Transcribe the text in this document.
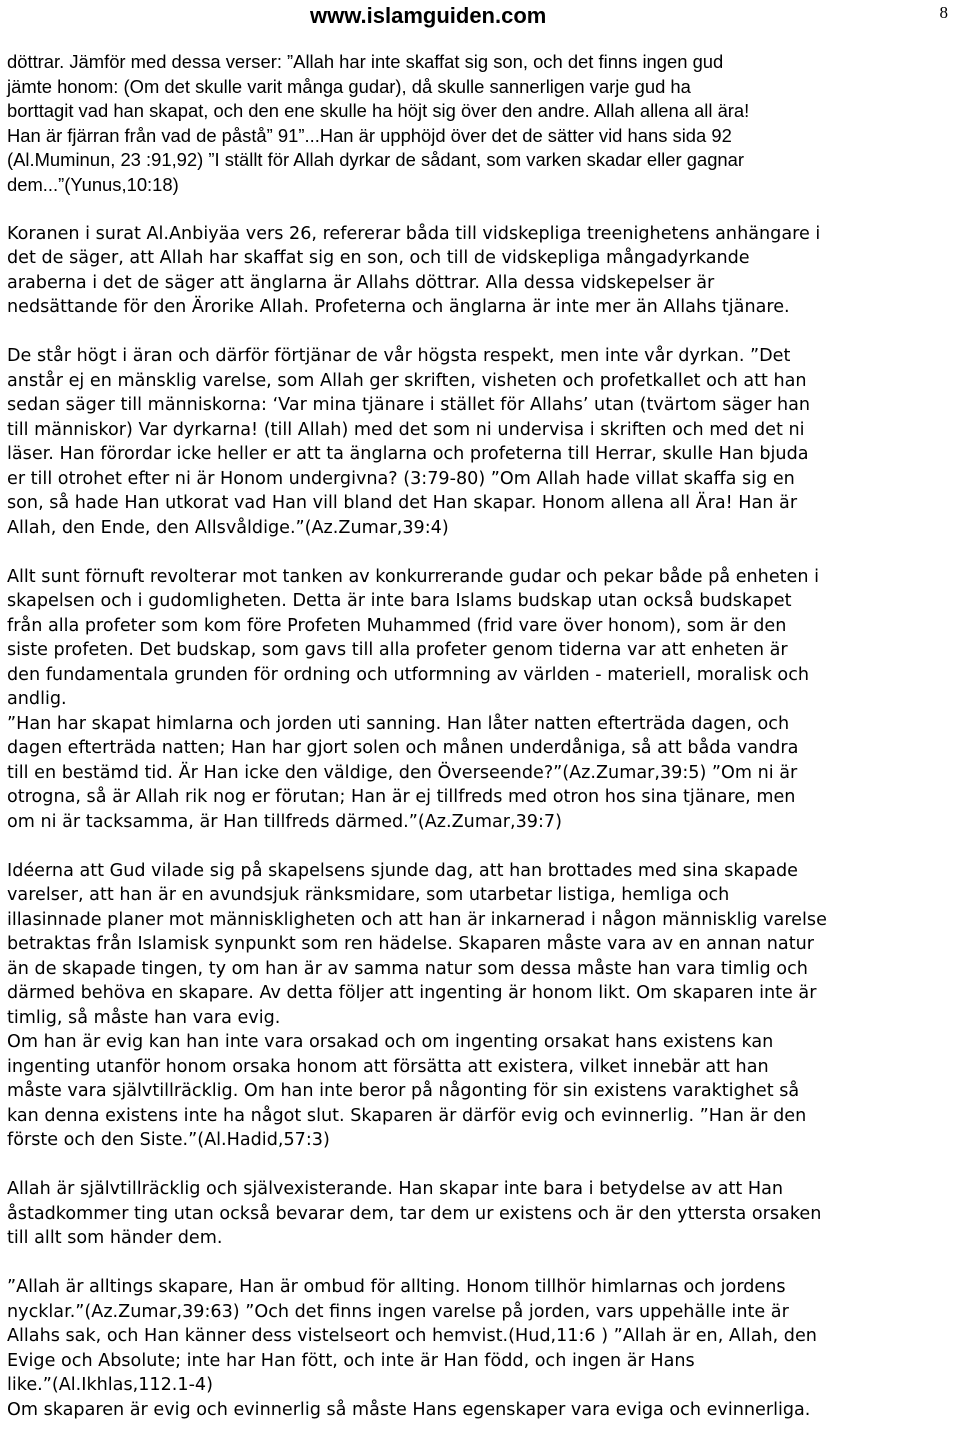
www.islamguiden.com	8

döttrar. Jämför med dessa verser: ”Allah har inte skaffat sig son, och det finns ingen gud
jämte honom: (Om det skulle varit många gudar), då skulle sannerligen varje gud ha
borttagit vad han skapat, och den ene skulle ha höjt sig över den andre. Allah allena all ära!
Han är fjärran från vad de påstå” 91”...Han är upphöjd över det de sätter vid hans sida 92
(Al.Muminun, 23 :91,92) ”I ställt för Allah dyrkar de sådant, som varken skadar eller gagnar
dem...”(Yunus,10:18)

Koranen i surat Al.Anbiyäa vers 26, refererar båda till vidskepliga treenighetens anhängare i
det de säger, att Allah har skaffat sig en son, och till de vidskepliga mångadyrkande
araberna i det de säger att änglarna är Allahs döttrar. Alla dessa vidskepelser är
nedsättande för den Ärorike Allah. Profeterna och änglarna är inte mer än Allahs tjänare.

De står högt i äran och därför förtjänar de vår högsta respekt, men inte vår dyrkan. ”Det
anstår ej en mänsklig varelse, som Allah ger skriften, visheten och profetkallet och att han
sedan säger till människorna: ‘Var mina tjänare i stället för Allahs’ utan (tvärtom säger han
till människor) Var dyrkarna! (till Allah) med det som ni undervisa i skriften och med det ni
läser. Han förordar icke heller er att ta änglarna och profeterna till Herrar, skulle Han bjuda
er till otrohet efter ni är Honom undergivna? (3:79-80) ”Om Allah hade villat skaffa sig en
son, så hade Han utkorat vad Han vill bland det Han skapar. Honom allena all Ära! Han är
Allah, den Ende, den Allsvåldige.”(Az.Zumar,39:4)

Allt sunt förnuft revolterar mot tanken av konkurrerande gudar och pekar både på enheten i
skapelsen och i gudomligheten. Detta är inte bara Islams budskap utan också budskapet
från alla profeter som kom före Profeten Muhammed (frid vare över honom), som är den
siste profeten. Det budskap, som gavs till alla profeter genom tiderna var att enheten är
den fundamentala grunden för ordning och utformning av världen - materiell, moralisk och
andlig.
”Han har skapat himlarna och jorden uti sanning. Han låter natten efterträda dagen, och
dagen efterträda natten; Han har gjort solen och månen underdåniga, så att båda vandra
till en bestämd tid. Är Han icke den väldige, den Överseende?”(Az.Zumar,39:5) ”Om ni är
otrogna, så är Allah rik nog er förutan; Han är ej tillfreds med otron hos sina tjänare, men
om ni är tacksamma, är Han tillfreds därmed.”(Az.Zumar,39:7)

Idéerna att Gud vilade sig på skapelsens sjunde dag, att han brottades med sina skapade
varelser, att han är en avundsjuk ränksmidare, som utarbetar listiga, hemliga och
illasinnade planer mot människligheten och att han är inkarnerad i någon människlig varelse
betraktas från Islamisk synpunkt som ren hädelse. Skaparen måste vara av en annan natur
än de skapade tingen, ty om han är av samma natur som dessa måste han vara timlig och
därmed behöva en skapare. Av detta följer att ingenting är honom likt. Om skaparen inte är
timlig, så måste han vara evig.
Om han är evig kan han inte vara orsakad och om ingenting orsakat hans existens kan
ingenting utanför honom orsaka honom att försätta att existera, vilket innebär att han
måste vara självtillräcklig. Om han inte beror på någonting för sin existens varaktighet så
kan denna existens inte ha något slut. Skaparen är därför evig och evinnerlig. ”Han är den
förste och den Siste.”(Al.Hadid,57:3)

Allah är självtillräcklig och självexisterande. Han skapar inte bara i betydelse av att Han
åstadkommer ting utan också bevarar dem, tar dem ur existens och är den yttersta orsaken
till allt som händer dem.

”Allah är alltings skapare, Han är ombud för allting. Honom tillhör himlarnas och jordens
nycklar.”(Az.Zumar,39:63) ”Och det finns ingen varelse på jorden, vars uppehälle inte är
Allahs sak, och Han känner dess vistelseort och hemvist.(Hud,11:6 ) ”Allah är en, Allah, den
Evige och Absolute; inte har Han fött, och inte är Han född, och ingen är Hans
like.”(Al.Ikhlas,112.1-4)
Om skaparen är evig och evinnerlig så måste Hans egenskaper vara eviga och evinnerliga.
